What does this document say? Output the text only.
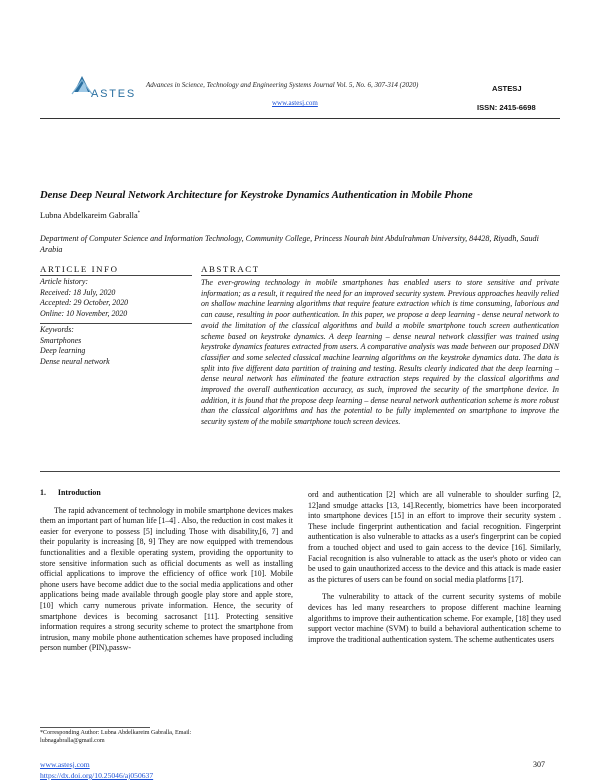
ASTES
Advances in Science, Technology and Engineering Systems Journal Vol. 5, No. 6, 307-314 (2020)
www.astesj.com
ASTESJ
ISSN: 2415-6698
Dense Deep Neural Network Architecture for Keystroke Dynamics Authentication in Mobile Phone
Lubna Abdelkareim Gabralla*
Department of Computer Science and Information Technology, Community College, Princess Nourah bint Abdulrahman University, 84428, Riyadh, Saudi Arabia
ARTICLE INFO	ABSTRACT
Article history:
Received: 18 July, 2020
Accepted: 29 October, 2020
Online: 10 November, 2020
Keywords:
Smartphones
Deep learning
Dense neural network
The ever-growing technology in mobile smartphones has enabled users to store sensitive and private information; as a result, it required the need for an improved security system. Previous approaches heavily relied on shallow machine learning algorithms that require feature extraction which is time consuming, laborious and can cause, resulting in poor authentication. In this paper, we propose a deep learning - dense neural network to avoid the limitation of the classical algorithms and build a mobile smartphone touch screen authentication scheme based on keystroke dynamics. A deep learning – dense neural network classifier was trained using keystroke dynamics features extracted from users. A comparative analysis was made between our proposed DNN classifier and some selected classical machine learning algorithms on the keystroke dynamics data. The data is split into five different data partition of training and testing. Results clearly indicated that the deep learning – dense neural network has eliminated the feature extraction steps required by the classical algorithms and improved the overall authentication accuracy, as such, improved the security of the smartphone device. In addition, it is found that the propose deep learning – dense neural network authentication scheme is more robust than the classical algorithms and has the potential to be fully implemented on smartphone to improve the security system of the mobile smartphone touch screen devices.
1. Introduction

The rapid advancement of technology in mobile smartphone devices makes them an important part of human life [1–4] . Also, the reduction in cost makes it easier for everyone to possess [5] including Those with disability,[6, 7] and their popularity is increasing [8, 9] They are now equipped with tremendous functionalities and a flexible operating system, providing the opportunity to store sensitive information such as official documents as well as installing official applications to improve the efficiency of office work [10]. Mobile phone users have become addict due to the social media applications and other applications being made available through google play store and apple store, [10] which carry numerous private information. Hence, the security of smartphone devices is becoming sacrosanct [11]. Protecting sensitive information requires a strong security scheme to protect the smartphone from intrusion, many mobile phone authentication schemes have proposed including person number (PIN),passw-

ord and authentication [2] which are all vulnerable to shoulder surfing [2, 12]and smudge attacks [13, 14].Recently, biometrics have been incorporated into smartphone devices [15] in an effort to improve their security system . These include fingerprint authentication and facial recognition. Fingerprint authentication is also vulnerable to attacks as a user's fingerprint can be copied from a touched object and used to gain access to the device [16]. Similarly, Facial recognition is also vulnerable to attack as the user's photo or video can be used to gain unauthorized access to the device and this attack is made easier as the pictures of users can be found on social media platforms [17].

The vulnerability to attack of the current security systems of mobile devices has led many researchers to propose different machine learning algorithms to improve their authentication scheme. For example, [18] they used support vector machine (SVM) to build a behavioral authentication scheme to improve the traditional authentication system. The scheme authenticates users

*Corresponding Author: Lubna Abdelkareim Gabralla, Email:
lubnagabralla@gmail.com
www.astesj.com
https://dx.doi.org/10.25046/aj050637
307
